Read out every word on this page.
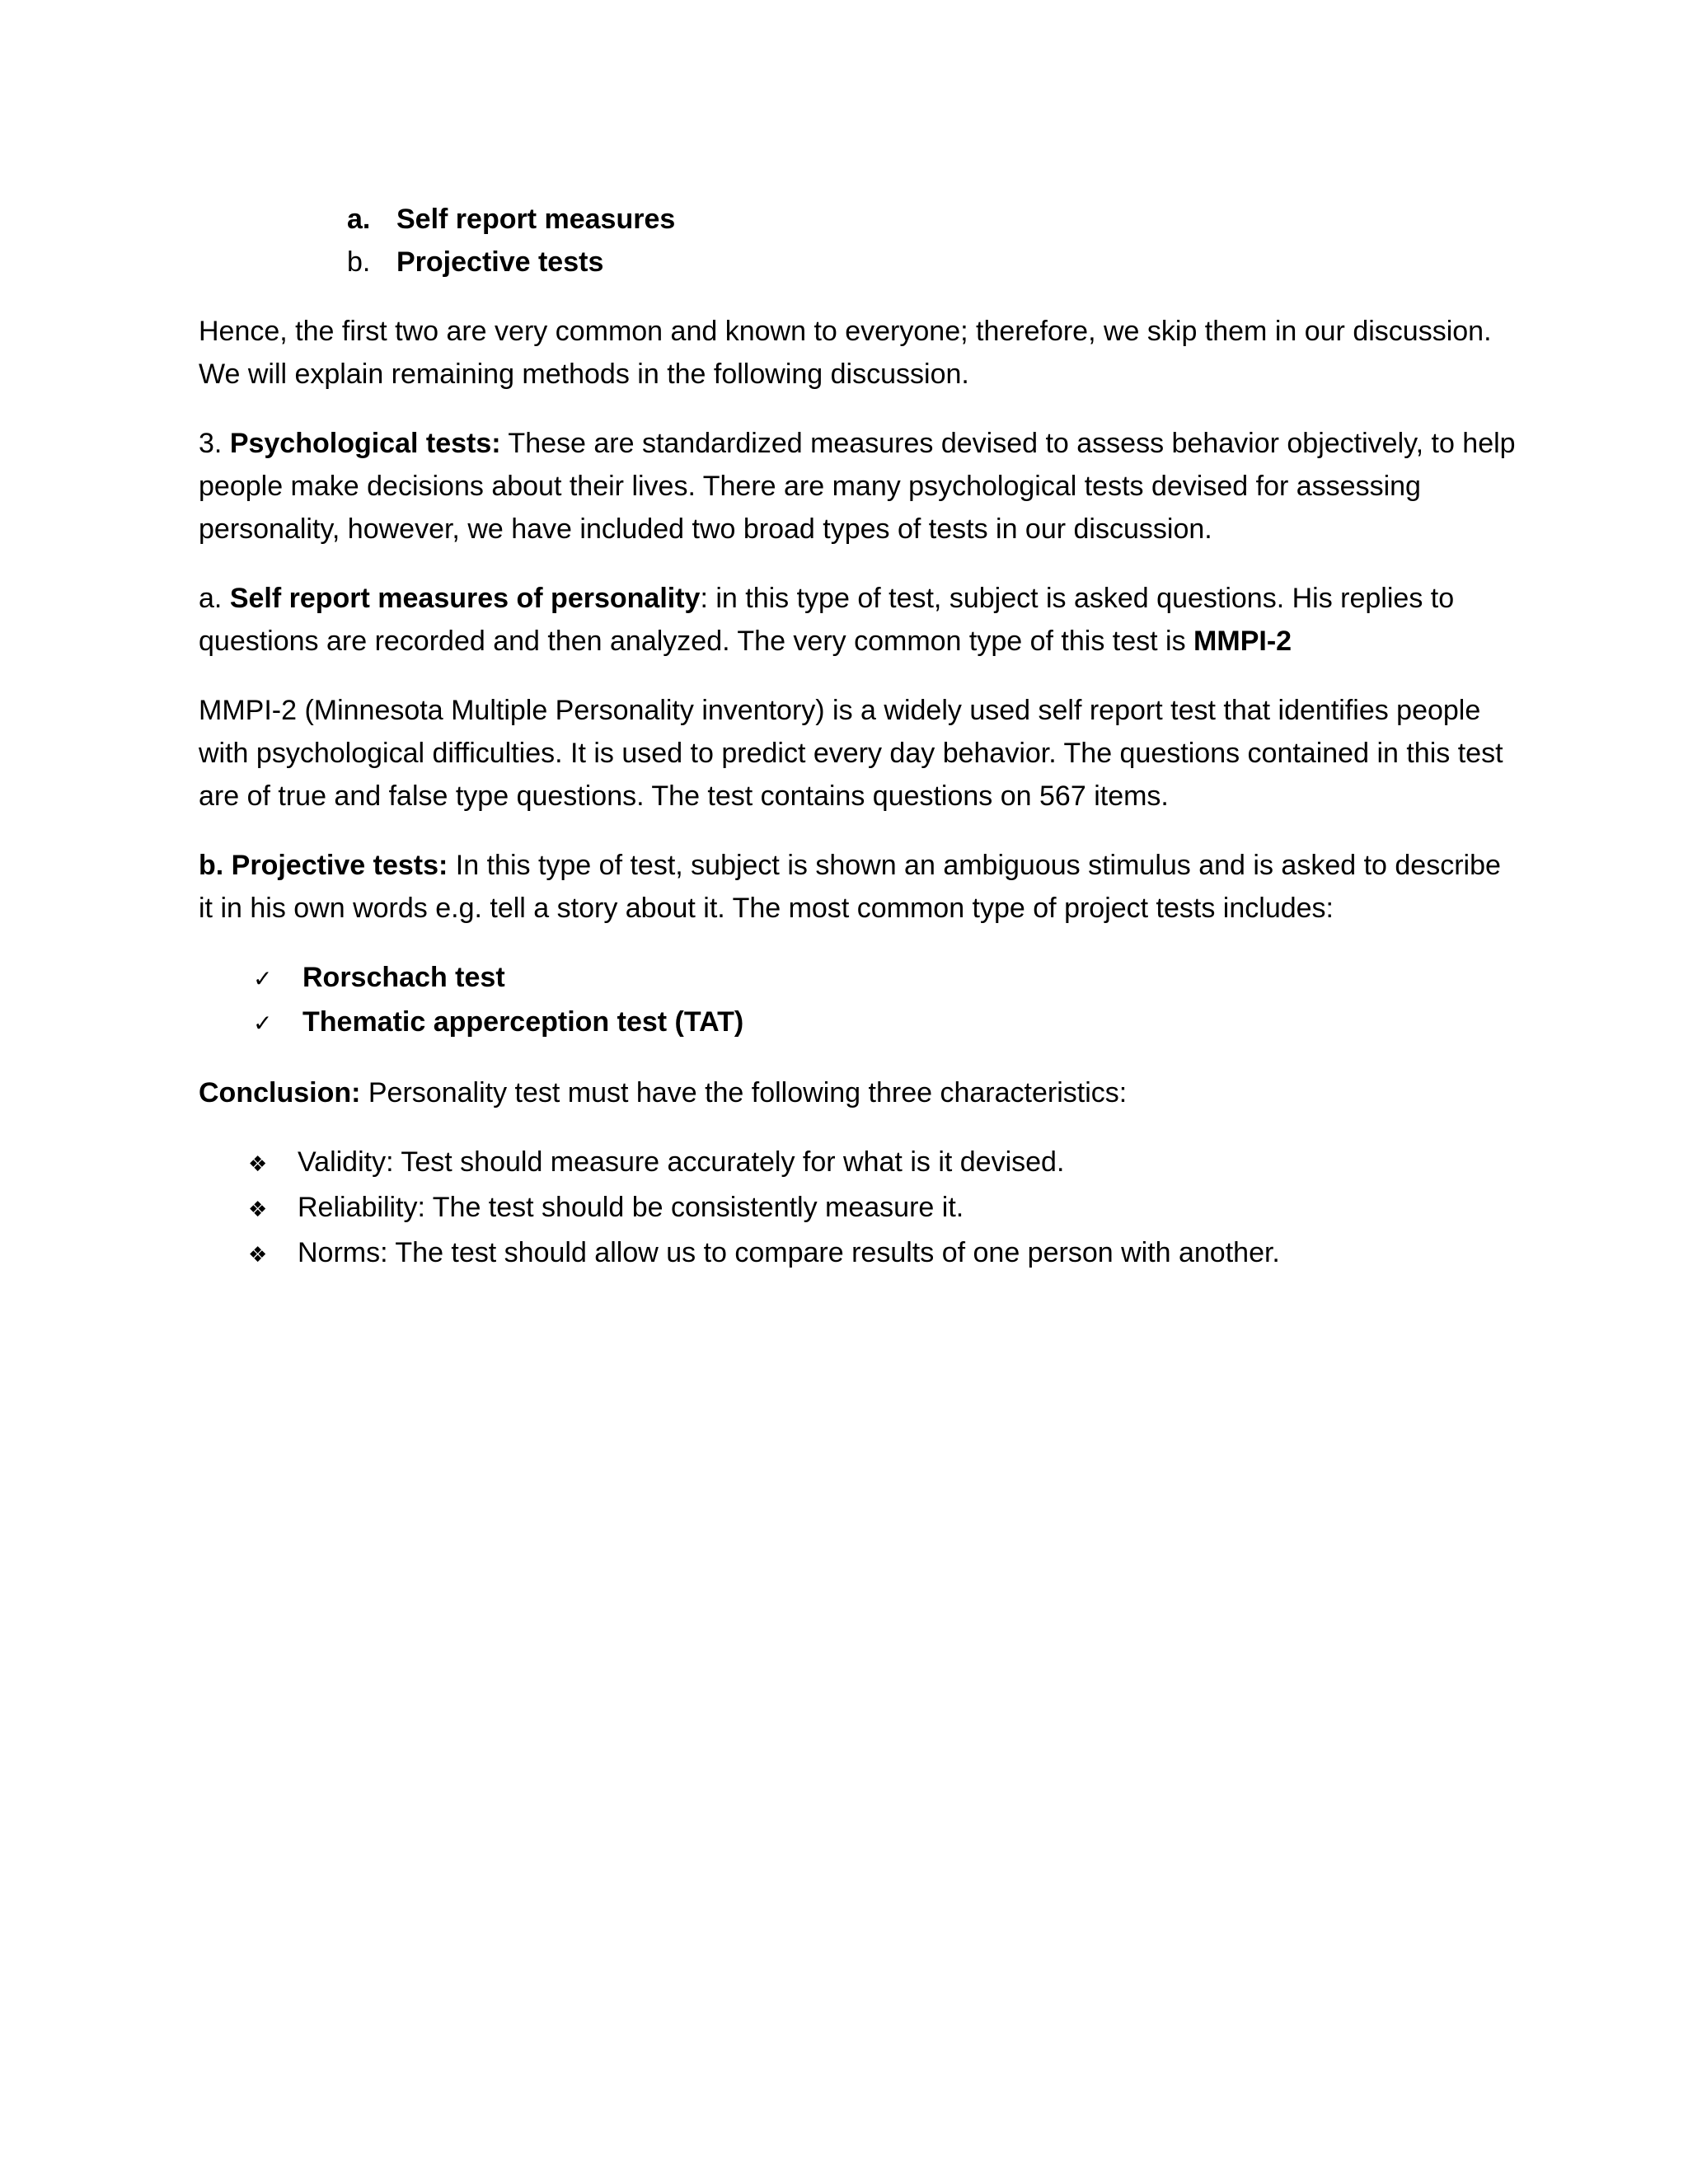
a. Self report measures
b. Projective tests

Hence, the first two are very common and known to everyone; therefore, we skip them in our discussion. We will explain remaining methods in the following discussion.

3. Psychological tests: These are standardized measures devised to assess behavior objectively, to help people make decisions about their lives. There are many psychological tests devised for assessing personality, however, we have included two broad types of tests in our discussion.

a. Self report measures of personality: in this type of test, subject is asked questions. His replies to questions are recorded and then analyzed. The very common type of this test is MMPI-2

MMPI-2 (Minnesota Multiple Personality inventory) is a widely used self report test that identifies people with psychological difficulties. It is used to predict every day behavior. The questions contained in this test are of true and false type questions. The test contains questions on 567 items.

b. Projective tests: In this type of test, subject is shown an ambiguous stimulus and is asked to describe it in his own words e.g. tell a story about it. The most common type of project tests includes:

✓	Rorschach test
✓	Thematic apperception test (TAT)

Conclusion: Personality test must have the following three characteristics:

❖	Validity: Test should measure accurately for what is it devised.
❖	Reliability: The test should be consistently measure it.
❖	Norms: The test should allow us to compare results of one person with another.
